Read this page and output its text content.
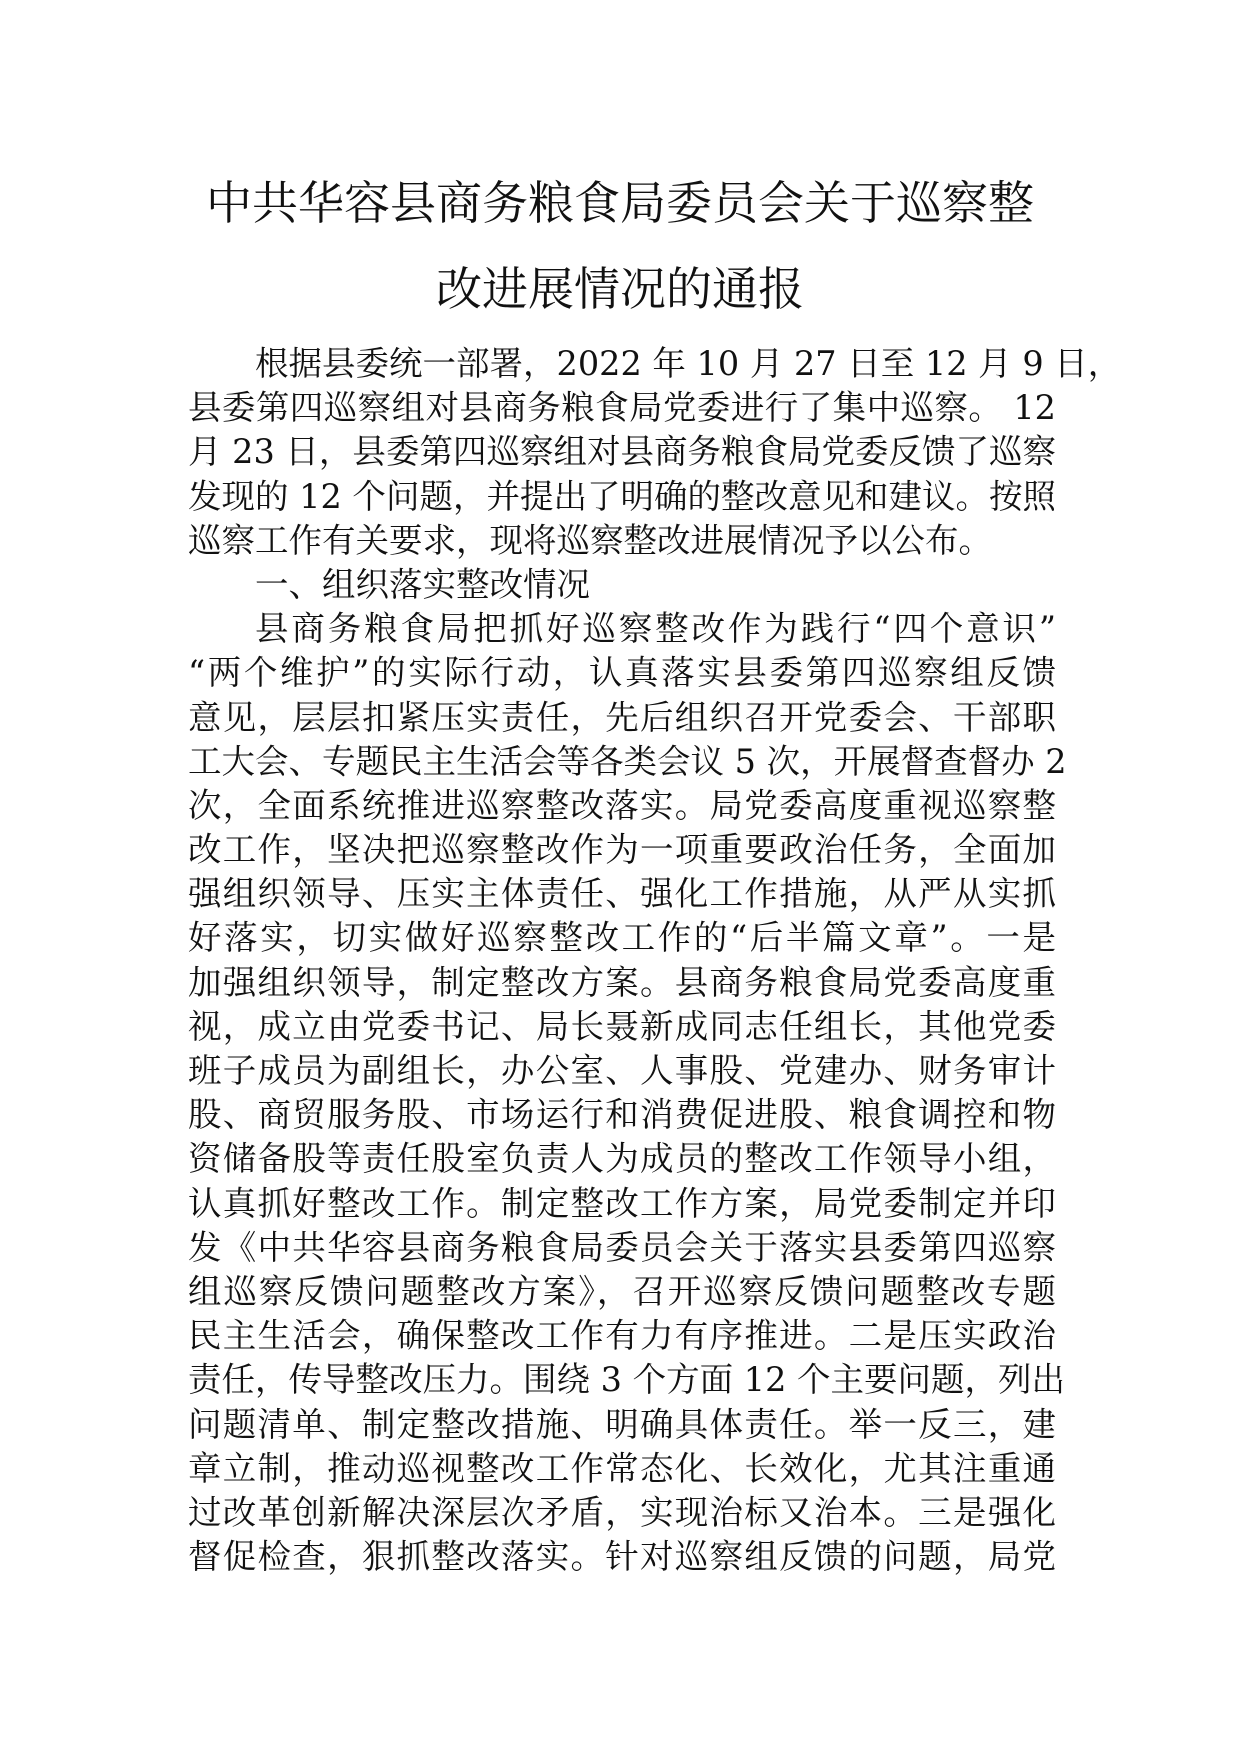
中共华容县商务粮食局委员会关于巡察整
改进展情况的通报
根据县委统一部署，2022 年 10 月 27 日至 12 月 9 日，
县委第四巡察组对县商务粮食局党委进行了集中巡察。 12
月 23 日，县委第四巡察组对县商务粮食局党委反馈了巡察
发现的 12 个问题，并提出了明确的整改意见和建议。按照
巡察工作有关要求，现将巡察整改进展情况予以公布。
一、组织落实整改情况
县商务粮食局把抓好巡察整改作为践行“四个意识”
“两个维护”的实际行动，认真落实县委第四巡察组反馈
意见，层层扣紧压实责任，先后组织召开党委会、干部职
工大会、专题民主生活会等各类会议 5 次，开展督查督办 2
次，全面系统推进巡察整改落实。局党委高度重视巡察整
改工作，坚决把巡察整改作为一项重要政治任务，全面加
强组织领导、压实主体责任、强化工作措施，从严从实抓
好落实，切实做好巡察整改工作的“后半篇文章”。一是
加强组织领导，制定整改方案。县商务粮食局党委高度重
视，成立由党委书记、局长聂新成同志任组长，其他党委
班子成员为副组长，办公室、人事股、党建办、财务审计
股、商贸服务股、市场运行和消费促进股、粮食调控和物
资储备股等责任股室负责人为成员的整改工作领导小组，
认真抓好整改工作。制定整改工作方案，局党委制定并印
发《中共华容县商务粮食局委员会关于落实县委第四巡察
组巡察反馈问题整改方案》，召开巡察反馈问题整改专题
民主生活会，确保整改工作有力有序推进。二是压实政治
责任，传导整改压力。围绕 3 个方面 12 个主要问题，列出
问题清单、制定整改措施、明确具体责任。举一反三，建
章立制，推动巡视整改工作常态化、长效化，尤其注重通
过改革创新解决深层次矛盾，实现治标又治本。三是强化
督促检查，狠抓整改落实。针对巡察组反馈的问题，局党
